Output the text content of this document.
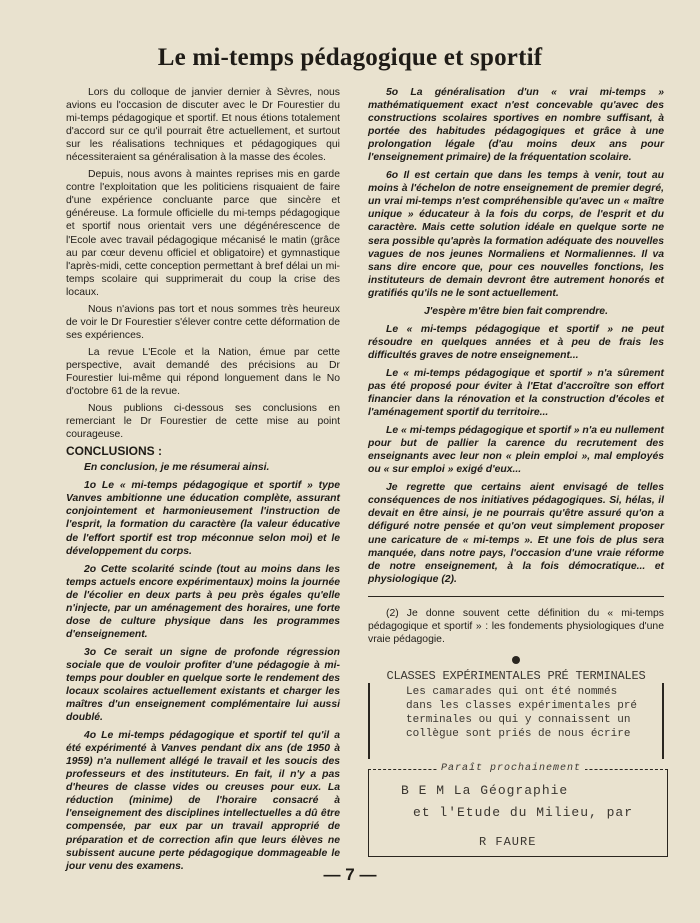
Le mi-temps pédagogique et sportif

Lors du colloque de janvier dernier à Sèvres, nous avions eu l'occasion de discuter avec le Dr Fourestier du mi-temps pédagogique et sportif. Et nous étions totalement d'accord sur ce qu'il pourrait être actuellement, et surtout sur les réalisations techniques et pédagogiques qui nécessiteraient sa généralisation à la masse des écoles.

Depuis, nous avons à maintes reprises mis en garde contre l'exploitation que les politiciens risquaient de faire d'une expérience concluante parce que sincère et généreuse. La formule officielle du mi-temps pédagogique et sportif nous orientait vers une dégénérescence de l'Ecole avec travail pédagogique mécanisé le matin (grâce au par cœur devenu officiel et obligatoire) et gymnastique l'après-midi, cette conception permettant à bref délai un mi-temps scolaire qui supprimerait du coup la crise des locaux.

Nous n'avions pas tort et nous sommes très heureux de voir le Dr Fourestier s'élever contre cette déformation de ses expériences.

La revue L'Ecole et la Nation, émue par cette perspective, avait demandé des précisions au Dr Fourestier lui-même qui répond longuement dans le No d'octobre 61 de la revue.

Nous publions ci-dessous ses conclusions en remerciant le Dr Fourestier de cette mise au point courageuse.

CONCLUSIONS :

En conclusion, je me résumerai ainsi.

1o Le « mi-temps pédagogique et sportif » type Vanves ambitionne une éducation complète, assurant conjointement et harmonieusement l'instruction de l'esprit, la formation du caractère (la valeur éducative de l'effort sportif est trop méconnue selon moi) et le développement du corps.

2o Cette scolarité scinde (tout au moins dans les temps actuels encore expérimentaux) moins la journée de l'écolier en deux parts à peu près égales qu'elle n'injecte, par un aménagement des horaires, une forte dose de culture physique dans les programmes d'enseignement.

3o Ce serait un signe de profonde régression sociale que de vouloir profiter d'une pédagogie à mi-temps pour doubler en quelque sorte le rendement des locaux scolaires actuellement existants et charger les maîtres d'un enseignement complémentaire lui aussi doublé.

4o Le mi-temps pédagogique et sportif tel qu'il a été expérimenté à Vanves pendant dix ans (de 1950 à 1959) n'a nullement allégé le travail et les soucis des professeurs et des instituteurs. En fait, il n'y a pas d'heures de classe vides ou creuses pour eux. La réduction (minime) de l'horaire consacré à l'enseignement des disciplines intellectuelles a dû être compensée, par eux par un travail approprié de préparation et de correction afin que leurs élèves ne subissent aucune perte pédagogique dommageable le jour venu des examens.

5o La généralisation d'un « vrai mi-temps » mathématiquement exact n'est concevable qu'avec des constructions scolaires sportives en nombre suffisant, à portée des habitudes pédagogiques et grâce à une prolongation légale (d'au moins deux ans pour l'enseignement primaire) de la fréquentation scolaire.

6o Il est certain que dans les temps à venir, tout au moins à l'échelon de notre enseignement de premier degré, un vrai mi-temps n'est compréhensible qu'avec un « maître unique » éducateur à la fois du corps, de l'esprit et du caractère. Mais cette solution idéale en quelque sorte ne sera possible qu'après la formation adéquate des nouvelles vagues de nos jeunes Normaliens et Normaliennes. Il va sans dire encore que, pour ces nouvelles fonctions, les instituteurs de demain devront être autrement honorés et gratifiés qu'ils ne le sont actuellement.

J'espère m'être bien fait comprendre.

Le « mi-temps pédagogique et sportif » ne peut résoudre en quelques années et à peu de frais les difficultés graves de notre enseignement...

Le « mi-temps pédagogique et sportif » n'a sûrement pas été proposé pour éviter à l'Etat d'accroître son effort financier dans la rénovation et la construction d'écoles et l'aménagement sportif du territoire...

Le « mi-temps pédagogique et sportif » n'a eu nullement pour but de pallier la carence du recrutement des enseignants avec leur non « plein emploi », mal employés ou « sur emploi » exigé d'eux...

Je regrette que certains aient envisagé de telles conséquences de nos initiatives pédagogiques. Si, hélas, il devait en être ainsi, je ne pourrais qu'être assuré qu'on a défiguré notre pensée et qu'on veut simplement proposer une caricature de « mi-temps ». Et une fois de plus sera manquée, dans notre pays, l'occasion d'une vraie réforme de notre enseignement, à la fois démocratique... et physiologique (2).

(2) Je donne souvent cette définition du « mi-temps pédagogique et sportif » : les fondements physiologiques d'une vraie pédagogie.

CLASSES EXPÉRIMENTALES PRÉ TERMINALES

Les camarades qui ont été nommés dans les classes expérimentales pré terminales ou qui y connaissent un collègue sont priés de nous écrire

Paraît prochainement
B E M La Géographie
et l'Etude du Milieu, par
R FAURE

— 7 —
